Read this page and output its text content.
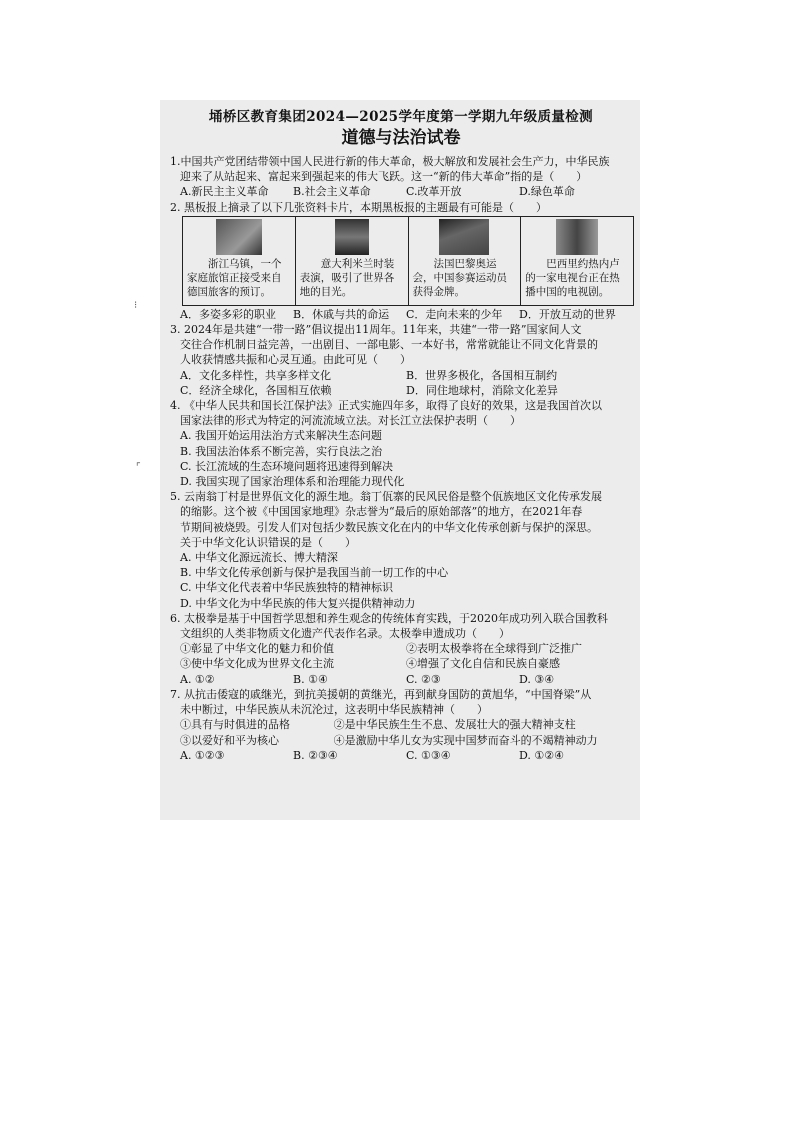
⁝
⌜
埇桥区教育集团2024—2025学年度第一学期九年级质量检测
道德与法治试卷

1.中国共产党团结带领中国人民进行新的伟大革命，极大解放和发展社会生产力，中华民族

迎来了从站起来、富起来到强起来的伟大飞跃。这一“新的伟大革命”指的是（　　）

A.新民主主义革命	B.社会主义革命	C.改革开放	D.绿色革命

2. 黑板报上摘录了以下几张资料卡片，本期黑板报的主题最有可能是（　　）

浙江乌镇，一个家庭旅馆正接受来自德国旅客的预订。
意大利米兰时装表演，吸引了世界各地的目光。
法国巴黎奥运会，中国参赛运动员获得金牌。
巴西里约热内卢的一家电视台正在热播中国的电视剧。
A．多姿多彩的职业	B．休戚与共的命运	C．走向未来的少年	D．开放互动的世界

3. 2024年是共建“一带一路”倡议提出11周年。11年来，共建“一带一路”国家间人文

交往合作机制日益完善，一出剧目、一部电影、一本好书，常常就能让不同文化背景的

人收获情感共振和心灵互通。由此可见（　　）

A．文化多样性，共享多样文化	B．世界多极化，各国相互制约
C．经济全球化，各国相互依赖	D．同住地球村，消除文化差异

4. 《中华人民共和国长江保护法》正式实施四年多，取得了良好的效果，这是我国首次以

国家法律的形式为特定的河流流域立法。对长江立法保护表明（　　）

A. 我国开始运用法治方式来解决生态问题

B. 我国法治体系不断完善，实行良法之治

C. 长江流域的生态环境问题将迅速得到解决

D. 我国实现了国家治理体系和治理能力现代化

5. 云南翁丁村是世界佤文化的源生地。翁丁佤寨的民风民俗是整个佤族地区文化传承发展

的缩影。这个被《中国国家地理》杂志誉为“最后的原始部落”的地方，在2021年春

节期间被烧毁。引发人们对包括少数民族文化在内的中华文化传承创新与保护的深思。

关于中华文化认识错误的是（　　）

A. 中华文化源远流长、博大精深

B. 中华文化传承创新与保护是我国当前一切工作的中心

C. 中华文化代表着中华民族独特的精神标识

D. 中华文化为中华民族的伟大复兴提供精神动力

6. 太极拳是基于中国哲学思想和养生观念的传统体育实践，于2020年成功列入联合国教科

文组织的人类非物质文化遗产代表作名录。太极拳申遗成功（　　）

①彰显了中华文化的魅力和价值	②表明太极拳将在全球得到广泛推广
③使中华文化成为世界文化主流	④增强了文化自信和民族自豪感
A. ①②	B. ①④	C. ②③	D. ③④

7. 从抗击倭寇的戚继光，到抗美援朝的黄继光，再到献身国防的黄旭华，“中国脊梁”从

未中断过，中华民族从未沉沦过，这表明中华民族精神（　　）

①具有与时俱进的品格	②是中华民族生生不息、发展壮大的强大精神支柱
③以爱好和平为核心	④是激励中华儿女为实现中国梦而奋斗的不竭精神动力
A. ①②③	B. ②③④	C. ①③④	D. ①②④
